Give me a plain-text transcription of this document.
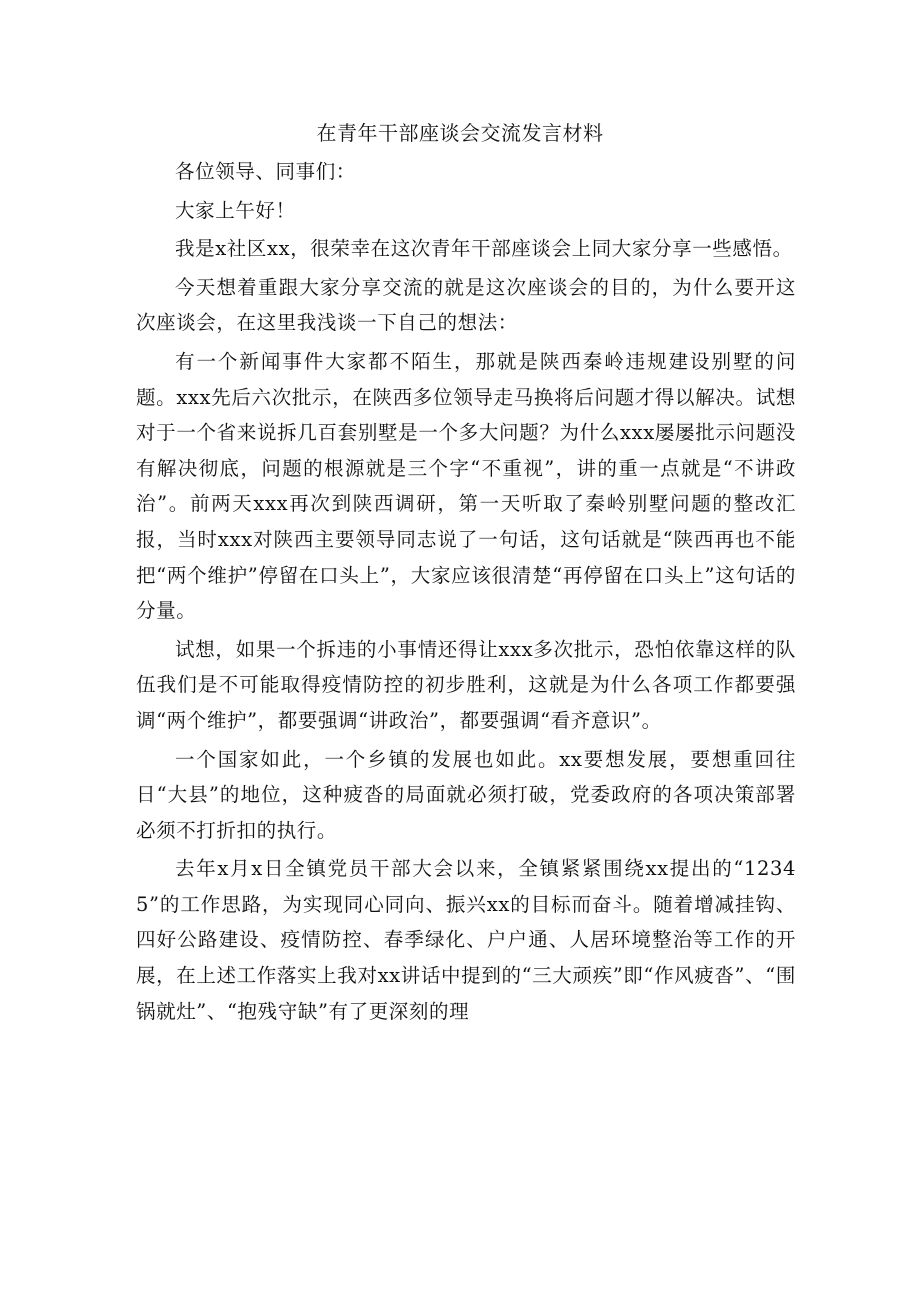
在青年干部座谈会交流发言材料

各位领导、同事们：

大家上午好！

我是x社区xx，很荣幸在这次青年干部座谈会上同大家分享一些感悟。

今天想着重跟大家分享交流的就是这次座谈会的目的，为什么要开这次座谈会，在这里我浅谈一下自己的想法：

有一个新闻事件大家都不陌生，那就是陕西秦岭违规建设别墅的问题。xxx先后六次批示，在陕西多位领导走马换将后问题才得以解决。试想对于一个省来说拆几百套别墅是一个多大问题？为什么xxx屡屡批示问题没有解决彻底，问题的根源就是三个字“不重视”，讲的重一点就是“不讲政治”。前两天xxx再次到陕西调研，第一天听取了秦岭别墅问题的整改汇报，当时xxx对陕西主要领导同志说了一句话，这句话就是“陕西再也不能把“两个维护”停留在口头上”，大家应该很清楚“再停留在口头上”这句话的分量。

试想，如果一个拆违的小事情还得让xxx多次批示，恐怕依靠这样的队伍我们是不可能取得疫情防控的初步胜利，这就是为什么各项工作都要强调“两个维护”，都要强调“讲政治”，都要强调“看齐意识”。

一个国家如此，一个乡镇的发展也如此。xx要想发展，要想重回往日“大县”的地位，这种疲沓的局面就必须打破，党委政府的各项决策部署必须不打折扣的执行。

去年x月x日全镇党员干部大会以来，全镇紧紧围绕xx提出的“12345”的工作思路，为实现同心同向、振兴xx的目标而奋斗。随着增减挂钩、四好公路建设、疫情防控、春季绿化、户户通、人居环境整治等工作的开展，在上述工作落实上我对xx讲话中提到的“三大顽疾”即“作风疲沓”、“围锅就灶”、“抱残守缺”有了更深刻的理
